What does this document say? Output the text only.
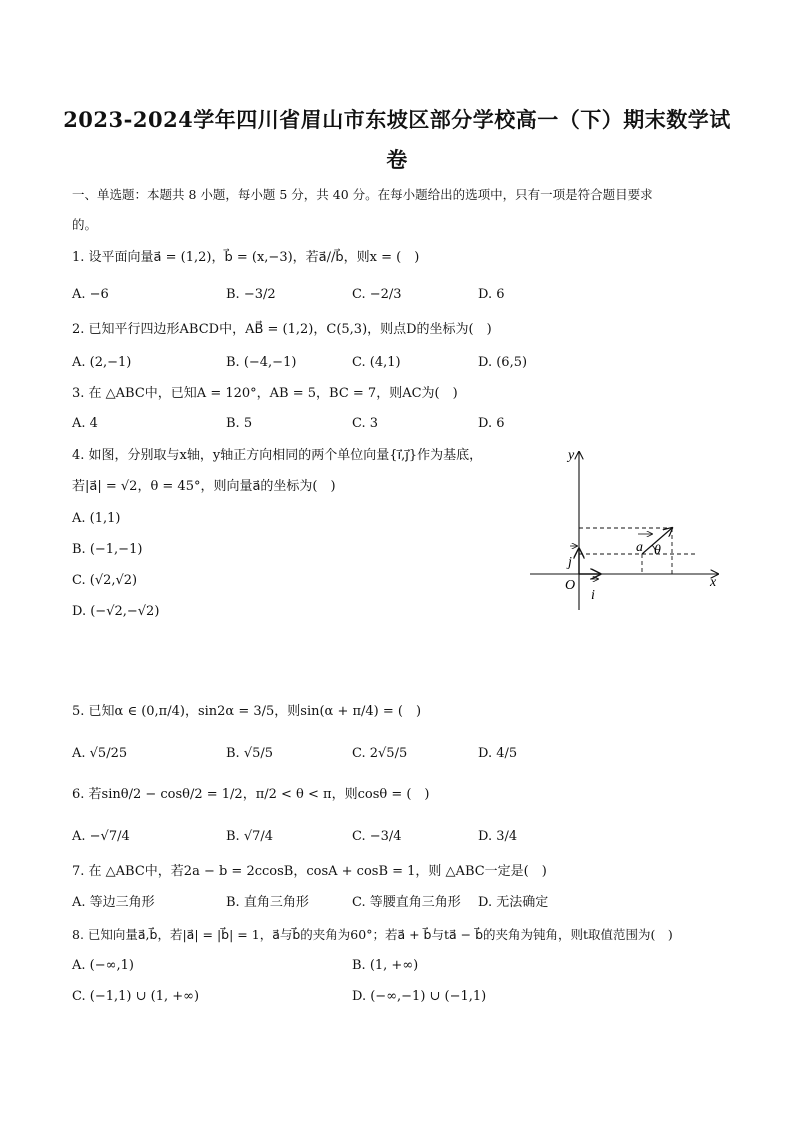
2023-2024学年四川省眉山市东坡区部分学校高一（下）期末数学试
卷
一、单选题：本题共 8 小题，每小题 5 分，共 40 分。在每小题给出的选项中，只有一项是符合题目要求
的。
1. 设平面向量a⃗ = (1,2)，b⃗ = (x,−3)，若a⃗//b⃗，则x = (　)
A. −6	B. −3/2	C. −2/3	D. 6
2. 已知平行四边形ABCD中，AB⃗ = (1,2)，C(5,3)，则点D的坐标为(　)
A. (2,−1)	B. (−4,−1)	C. (4,1)	D. (6,5)
3. 在 △ABC中，已知A = 120°，AB = 5，BC = 7，则AC为(　)
A. 4	B. 5	C. 3	D. 6
4. 如图，分别取与x轴，y轴正方向相同的两个单位向量{i⃗,j⃗}作为基底，
若|a⃗| = √2，θ = 45°，则向量a⃗的坐标为(　)
A. (1,1)
B. (−1,−1)
C. (√2,√2)
D. (−√2,−√2)
x
y
O
a θ
j
i
5. 已知α ∈ (0,π/4)，sin2α = 3/5，则sin(α + π/4) = (　)
A. √5/25	B. √5/5	C. 2√5/5	D. 4/5
6. 若sinθ/2 − cosθ/2 = 1/2，π/2 < θ < π，则cosθ = (　)
A. −√7/4	B. √7/4	C. −3/4	D. 3/4
7. 在 △ABC中，若2a − b = 2ccosB，cosA + cosB = 1，则 △ABC一定是(　)
A. 等边三角形	B. 直角三角形	C. 等腰直角三角形 D. 无法确定
8. 已知向量a⃗,b⃗，若|a⃗| = |b⃗| = 1，a⃗与b⃗的夹角为60°；若a⃗ + b⃗与ta⃗ − b⃗的夹角为钝角，则t取值范围为(　)
A. (−∞,1)	B. (1, +∞)
C. (−1,1) ∪ (1, +∞)	D. (−∞,−1) ∪ (−1,1)
